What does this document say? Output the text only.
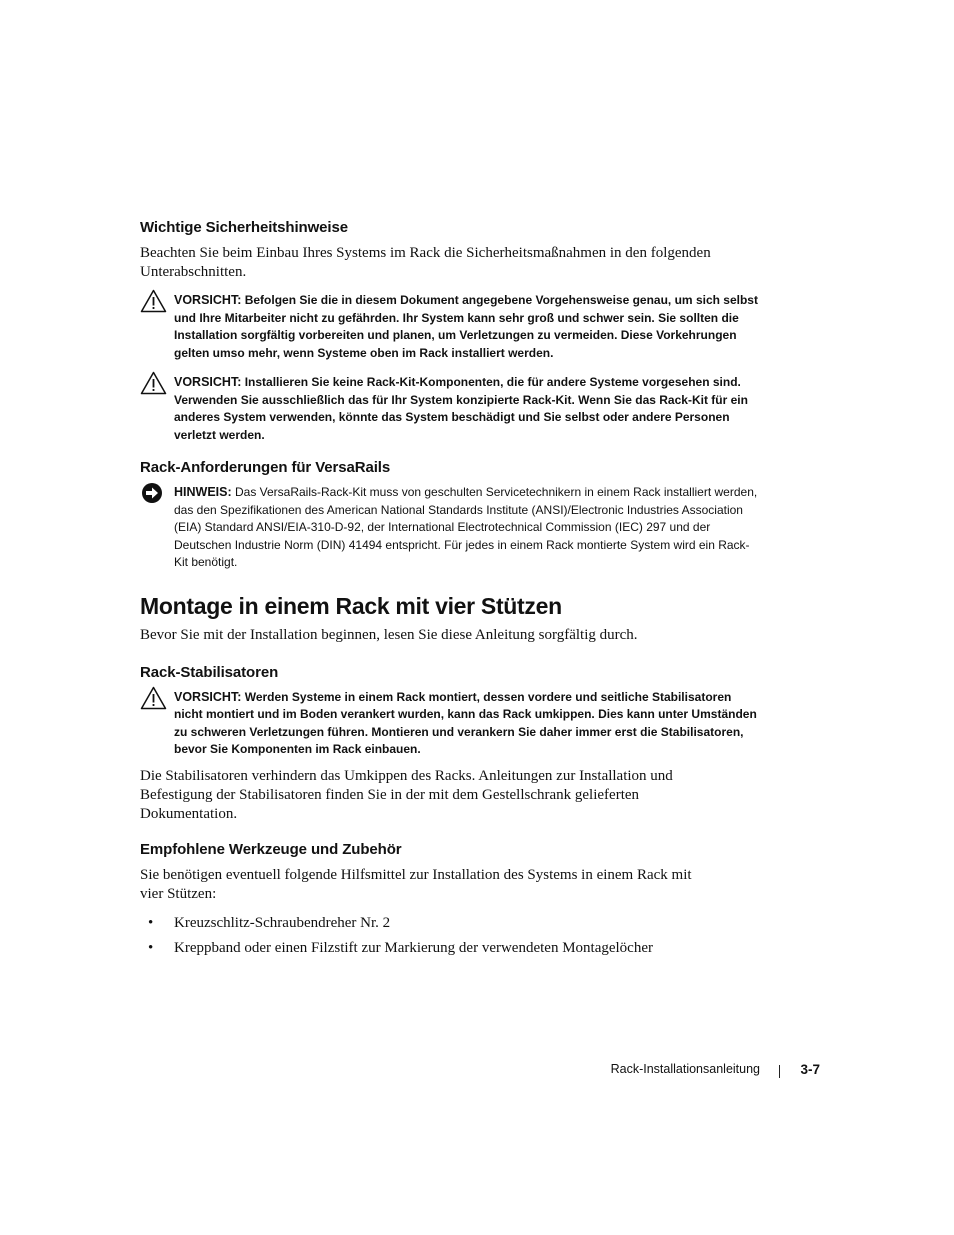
Wichtige Sicherheitshinweise

Beachten Sie beim Einbau Ihres Systems im Rack die Sicherheitsmaßnahmen in den folgenden Unterabschnitten.

VORSICHT: Befolgen Sie die in diesem Dokument angegebene Vorgehensweise genau, um sich selbst und Ihre Mitarbeiter nicht zu gefährden. Ihr System kann sehr groß und schwer sein. Sie sollten die Installation sorgfältig vorbereiten und planen, um Verletzungen zu vermeiden. Diese Vorkehrungen gelten umso mehr, wenn Systeme oben im Rack installiert werden.
VORSICHT: Installieren Sie keine Rack-Kit-Komponenten, die für andere Systeme vorgesehen sind. Verwenden Sie ausschließlich das für Ihr System konzipierte Rack-Kit. Wenn Sie das Rack-Kit für ein anderes System verwenden, könnte das System beschädigt und Sie selbst oder andere Personen verletzt werden.
Rack-Anforderungen für VersaRails
HINWEIS: Das VersaRails-Rack-Kit muss von geschulten Servicetechnikern in einem Rack installiert werden, das den Spezifikationen des American National Standards Institute (ANSI)/Electronic Industries Association (EIA) Standard ANSI/EIA-310-D-92, der International Electrotechnical Commission (IEC) 297 und der Deutschen Industrie Norm (DIN) 41494 entspricht. Für jedes in einem Rack montierte System wird ein Rack-Kit benötigt.
Montage in einem Rack mit vier Stützen

Bevor Sie mit der Installation beginnen, lesen Sie diese Anleitung sorgfältig durch.

Rack-Stabilisatoren
VORSICHT: Werden Systeme in einem Rack montiert, dessen vordere und seitliche Stabilisatoren nicht montiert und im Boden verankert wurden, kann das Rack umkippen. Dies kann unter Umständen zu schweren Verletzungen führen. Montieren und verankern Sie daher immer erst die Stabilisatoren, bevor Sie Komponenten im Rack einbauen.

Die Stabilisatoren verhindern das Umkippen des Racks. Anleitungen zur Installation und Befestigung der Stabilisatoren finden Sie in der mit dem Gestellschrank gelieferten Dokumentation.

Empfohlene Werkzeuge und Zubehör

Sie benötigen eventuell folgende Hilfsmittel zur Installation des Systems in einem Rack mit vier Stützen:

• Kreuzschlitz-Schraubendreher Nr. 2
• Kreppband oder einen Filzstift zur Markierung der verwendeten Montagelöcher
Rack-Installationsanleitung	3-7
